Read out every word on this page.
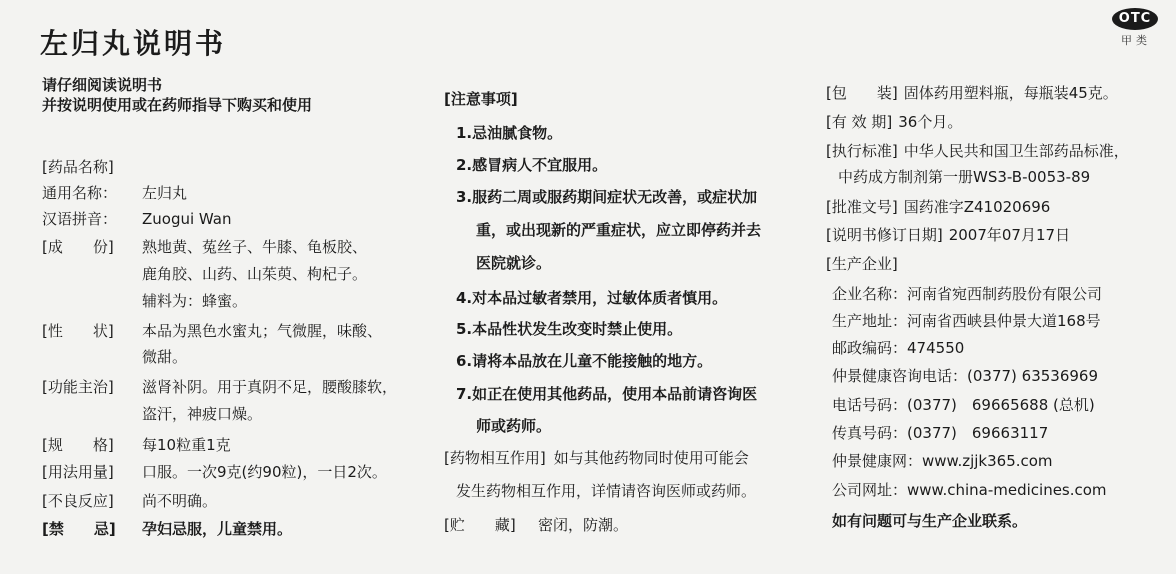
左归丸说明书
OTC
甲类
请仔细阅读说明书
并按说明使用或在药师指导下购买和使用
[药品名称]
通用名称： 左归丸
汉语拼音： Zuogui Wan
[成　　份] 熟地黄、菟丝子、牛膝、龟板胶、
鹿角胶、山药、山茱萸、枸杞子。
辅料为：蜂蜜。
[性　　状] 本品为黑色水蜜丸；气微腥，味酸、
微甜。
[功能主治] 滋肾补阴。用于真阴不足，腰酸膝软，
盗汗，神疲口燥。
[规　　格] 每10粒重1克
[用法用量] 口服。一次9克(约90粒)，一日2次。
[不良反应] 尚不明确。
[禁　　忌] 孕妇忌服，儿童禁用。
[注意事项]
1.忌油腻食物。
2.感冒病人不宜服用。
3.服药二周或服药期间症状无改善，或症状加
重，或出现新的严重症状，应立即停药并去
医院就诊。
4.对本品过敏者禁用，过敏体质者慎用。
5.本品性状发生改变时禁止使用。
6.请将本品放在儿童不能接触的地方。
7.如正在使用其他药品，使用本品前请咨询医
师或药师。
[药物相互作用] 如与其他药物同时使用可能会
发生药物相互作用，详情请咨询医师或药师。
[贮　　藏] 密闭，防潮。
[包　　装] 固体药用塑料瓶，每瓶装45克。
[有 效 期] 36个月。
[执行标准] 中华人民共和国卫生部药品标准，
中药成方制剂第一册WS3-B-0053-89
[批准文号] 国药准字Z41020696
[说明书修订日期] 2007年07月17日
[生产企业]
企业名称：河南省宛西制药股份有限公司
生产地址：河南省西峡县仲景大道168号
邮政编码：474550
仲景健康咨询电话：(0377) 63536969
电话号码：(0377)　69665688 (总机)
传真号码：(0377)　69663117
仲景健康网：www.zjjk365.com
公司网址：www.china-medicines.com
如有问题可与生产企业联系。
